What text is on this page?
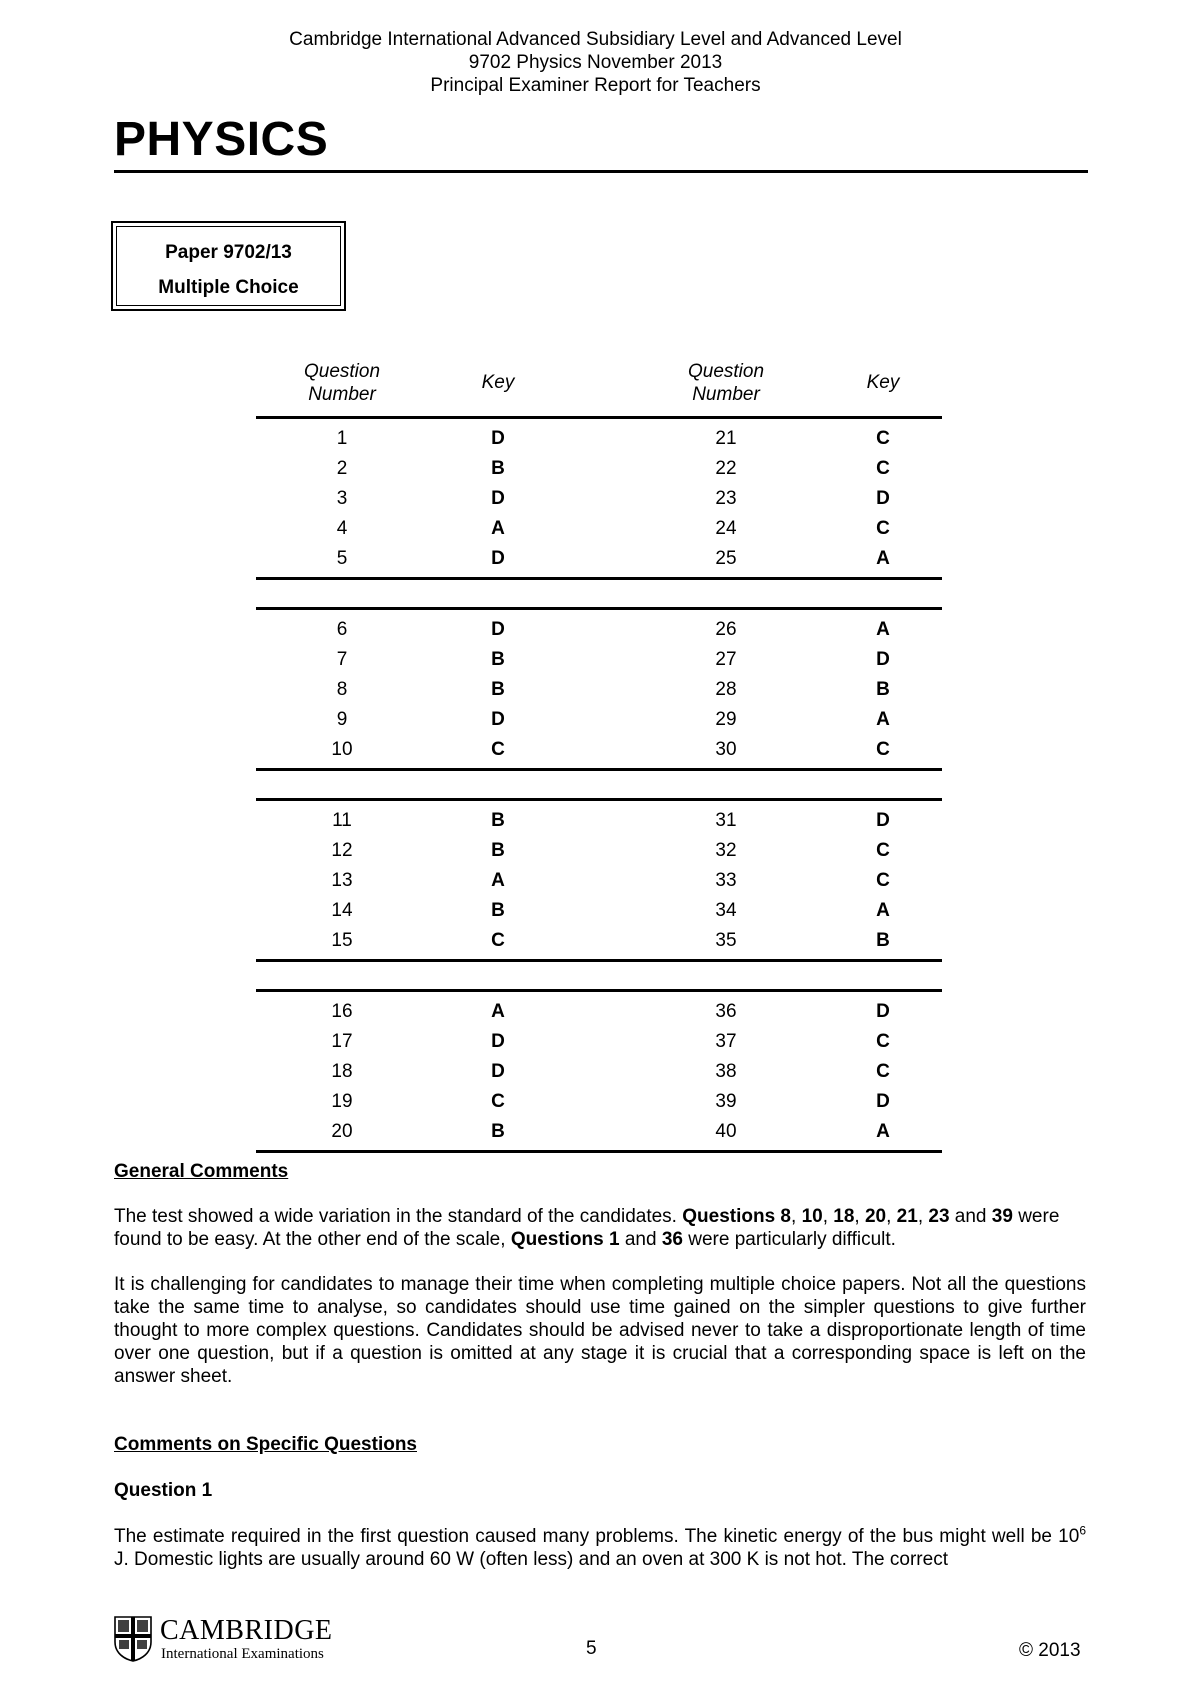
Cambridge International Advanced Subsidiary Level and Advanced Level
9702 Physics November 2013
Principal Examiner Report for Teachers
PHYSICS
Paper 9702/13
Multiple Choice
Question
Number
Key
Question
Number
Key
1	D	21	C
2	B	22	C
3	D	23	D
4	A	24	C
5	D	25	A
6	D	26	A
7	B	27	D
8	B	28	B
9	D	29	A
10	C	30	C
11	B	31	D
12	B	32	C
13	A	33	C
14	B	34	A
15	C	35	B
16	A	36	D
17	D	37	C
18	D	38	C
19	C	39	D
20	B	40	A
General Comments
The test showed a wide variation in the standard of the candidates. Questions 8, 10, 18, 20, 21, 23 and 39 were found to be easy. At the other end of the scale, Questions 1 and 36 were particularly difficult.
It is challenging for candidates to manage their time when completing multiple choice papers. Not all the questions take the same time to analyse, so candidates should use time gained on the simpler questions to give further thought to more complex questions. Candidates should be advised never to take a disproportionate length of time over one question, but if a question is omitted at any stage it is crucial that a corresponding space is left on the answer sheet.
Comments on Specific Questions
Question 1
The estimate required in the first question caused many problems. The kinetic energy of the bus might well be $10^6$ J. Domestic lights are usually around 60 W (often less) and an oven at 300 K is not hot. The correct
CAMBRIDGE
International Examinations	5	© 2013
